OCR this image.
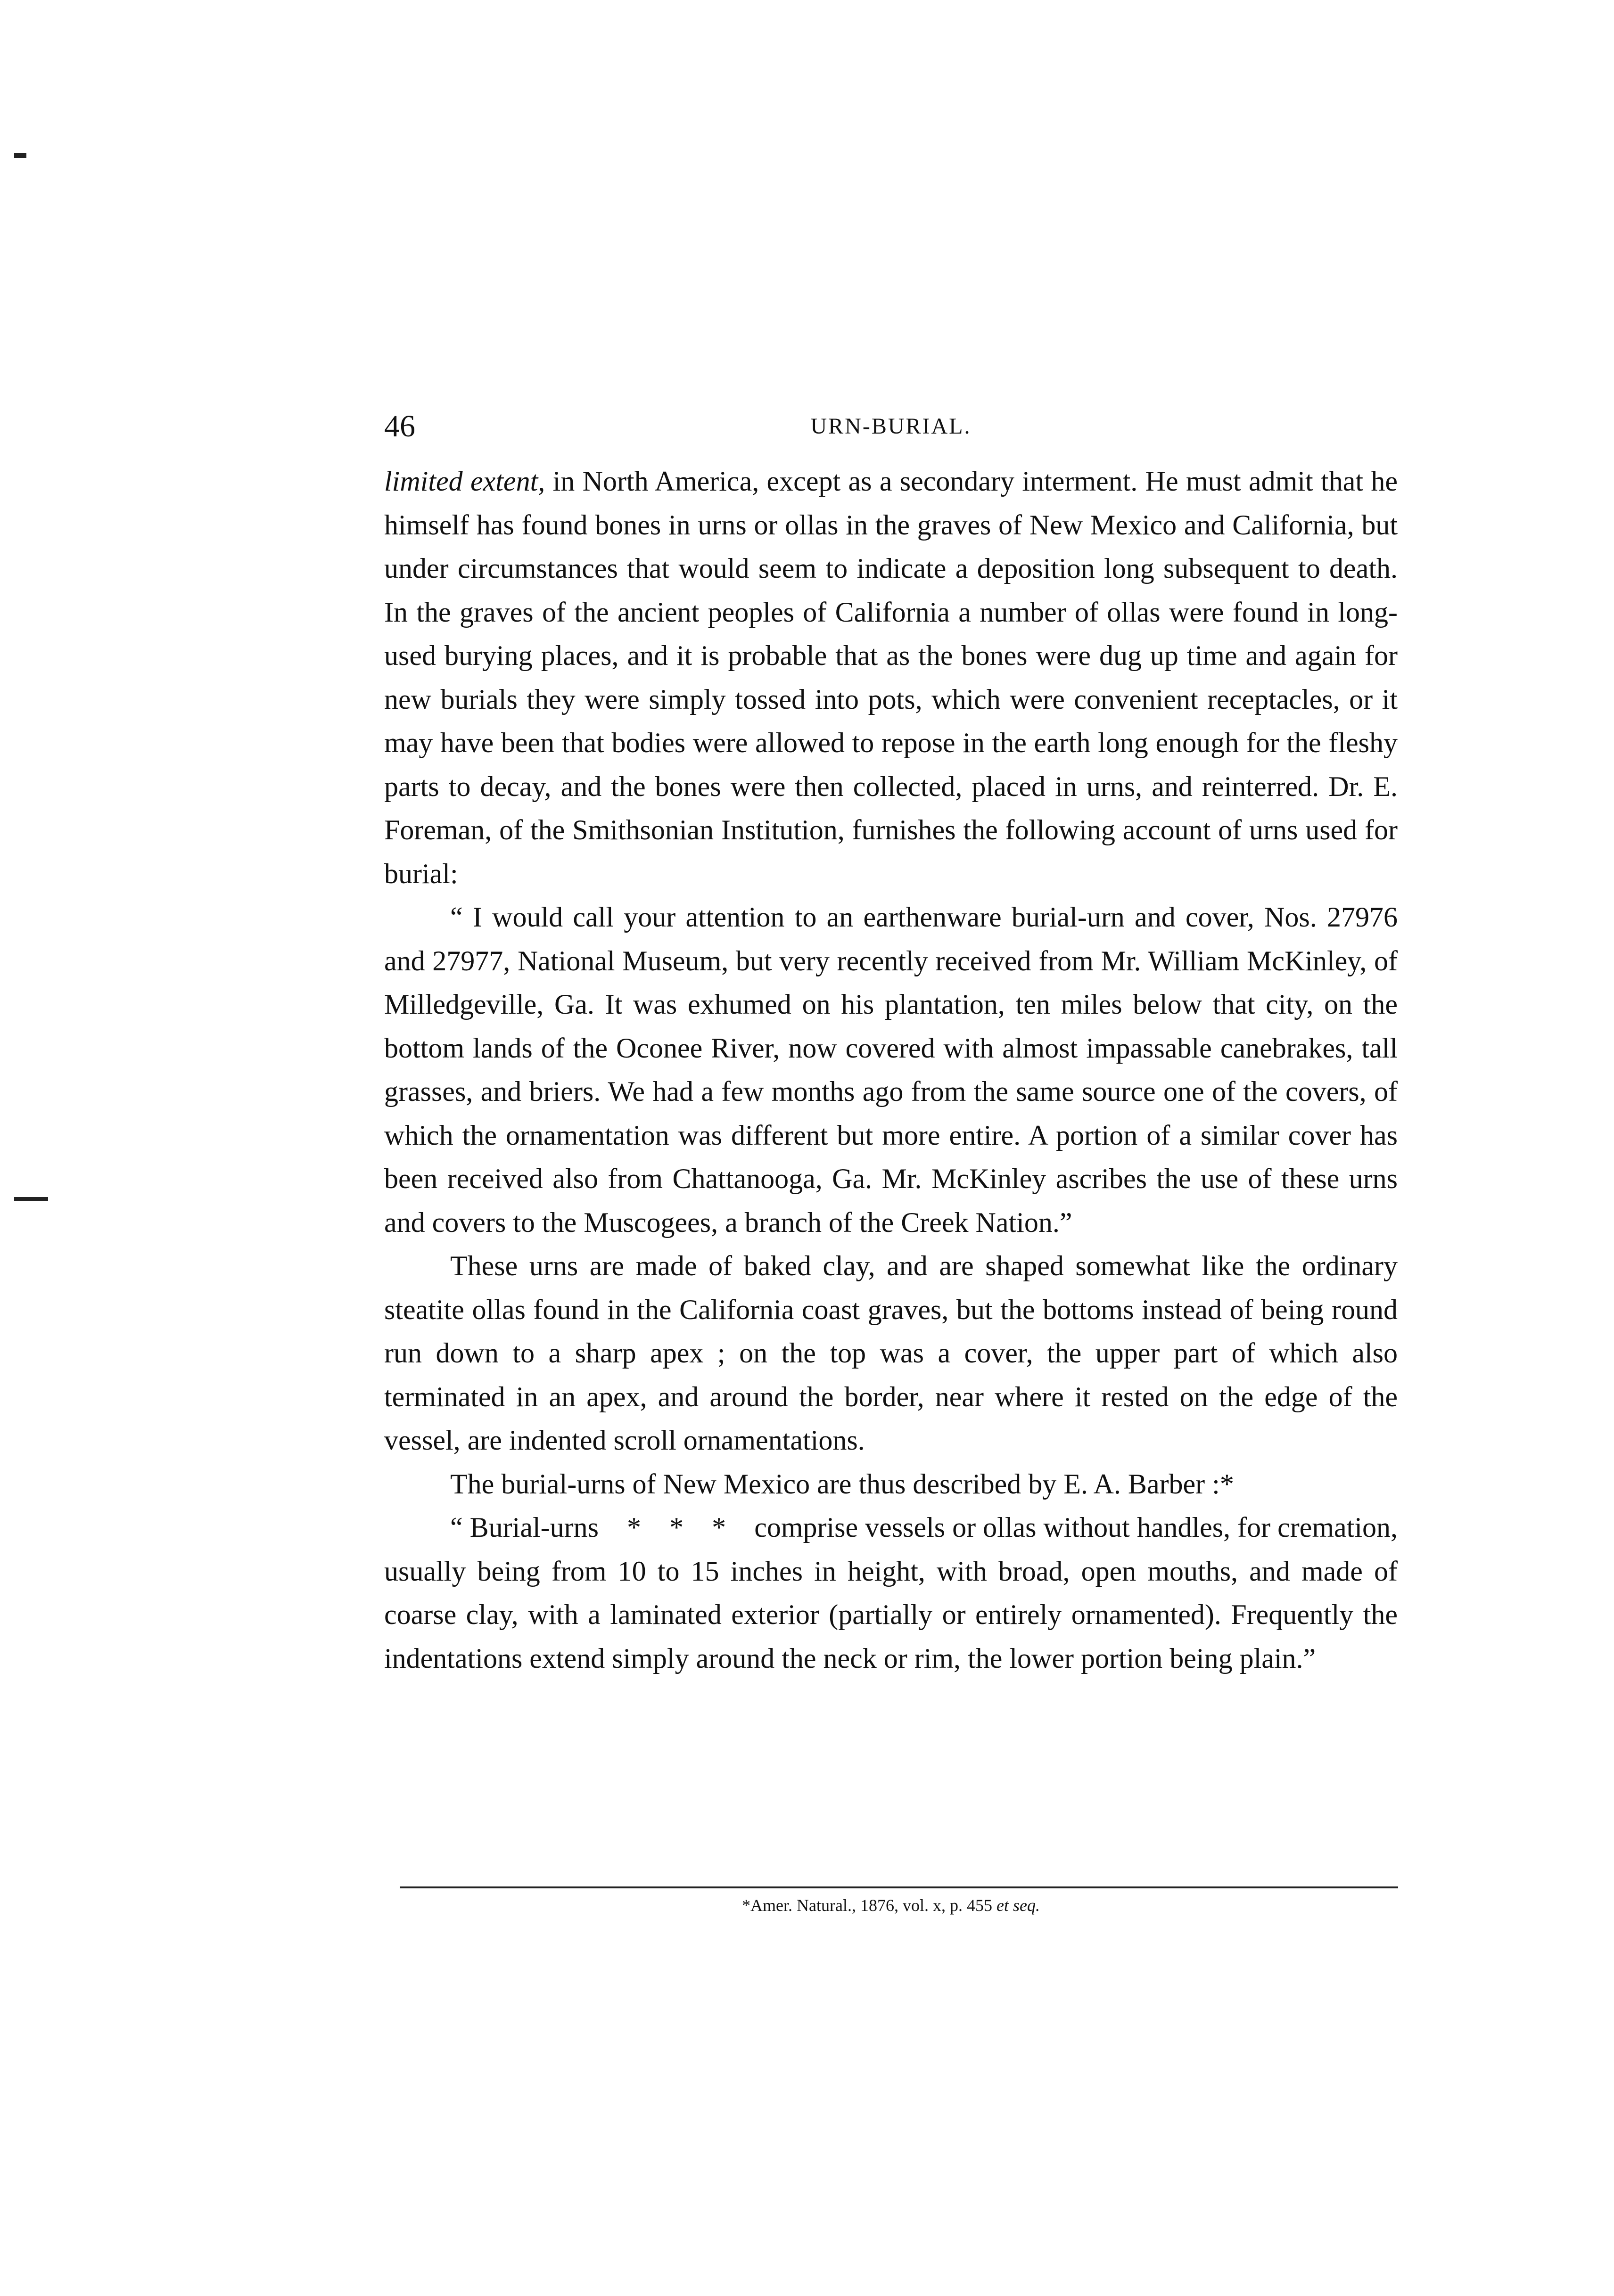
46	URN-BURIAL.

limited extent, in North America, except as a secondary interment. He must admit that he himself has found bones in urns or ollas in the graves of New Mexico and California, but under circumstances that would seem to indicate a deposition long subsequent to death. In the graves of the ancient peoples of California a number of ollas were found in long-used burying places, and it is probable that as the bones were dug up time and again for new burials they were simply tossed into pots, which were convenient receptacles, or it may have been that bodies were allowed to repose in the earth long enough for the fleshy parts to decay, and the bones were then collected, placed in urns, and reinterred. Dr. E. Foreman, of the Smithsonian Institution, furnishes the following account of urns used for burial:

“ I would call your attention to an earthenware burial-urn and cover, Nos. 27976 and 27977, National Museum, but very recently received from Mr. William McKinley, of Milledgeville, Ga. It was exhumed on his plantation, ten miles below that city, on the bottom lands of the Oconee River, now covered with almost impassable canebrakes, tall grasses, and briers. We had a few months ago from the same source one of the covers, of which the ornamentation was different but more entire. A portion of a similar cover has been received also from Chattanooga, Ga. Mr. McKinley ascribes the use of these urns and covers to the Muscogees, a branch of the Creek Nation.”

These urns are made of baked clay, and are shaped somewhat like the ordinary steatite ollas found in the California coast graves, but the bottoms instead of being round run down to a sharp apex ; on the top was a cover, the upper part of which also terminated in an apex, and around the border, near where it rested on the edge of the vessel, are indented scroll ornamentations.

The burial-urns of New Mexico are thus described by E. A. Barber :*

“ Burial-urns    *    *    *    comprise vessels or ollas without handles, for cremation, usually being from 10 to 15 inches in height, with broad, open mouths, and made of coarse clay, with a laminated exterior (partially or entirely ornamented). Frequently the indentations extend simply around the neck or rim, the lower portion being plain.”

*Amer. Natural., 1876, vol. x, p. 455 et seq.
